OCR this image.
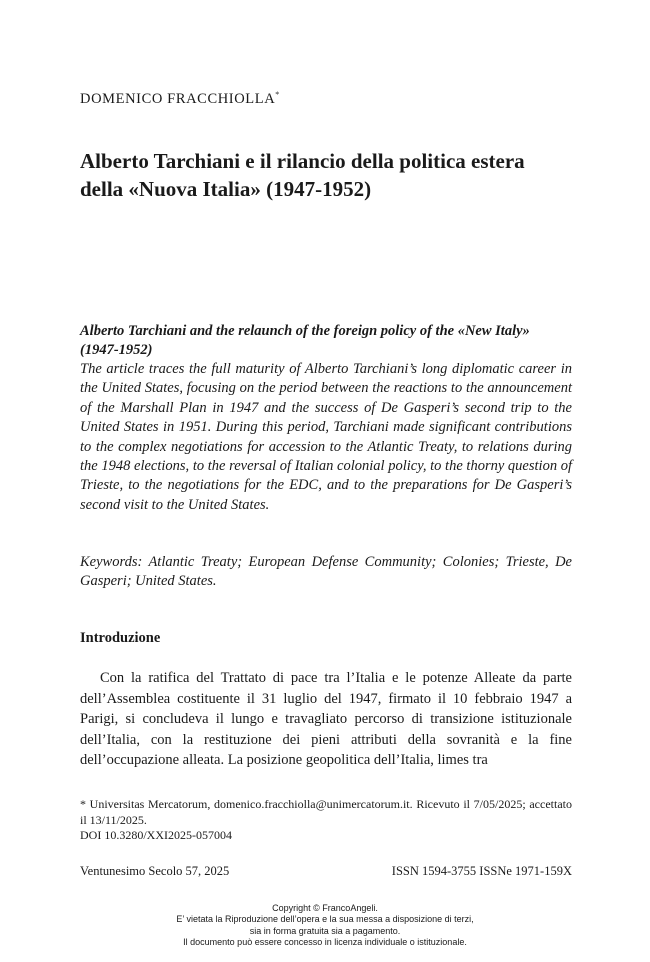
DOMENICO FRACCHIOLLA*
Alberto Tarchiani e il rilancio della politica estera della «Nuova Italia» (1947-1952)

Alberto Tarchiani and the relaunch of the foreign policy of the «New Italy» (1947-1952)

The article traces the full maturity of Alberto Tarchiani’s long diplomatic career in the United States, focusing on the period between the reactions to the announcement of the Marshall Plan in 1947 and the success of De Gasperi’s second trip to the United States in 1951. During this period, Tarchiani made significant contributions to the complex negotiations for accession to the Atlantic Treaty, to relations during the 1948 elections, to the reversal of Italian colonial policy, to the thorny question of Trieste, to the negotiations for the EDC, and to the preparations for De Gasperi’s second visit to the United States.

Keywords: Atlantic Treaty; European Defense Community; Colonies; Trieste, De Gasperi; United States.

Introduzione

Con la ratifica del Trattato di pace tra l’Italia e le potenze Alleate da parte dell’Assemblea costituente il 31 luglio del 1947, firmato il 10 febbraio 1947 a Parigi, si concludeva il lungo e travagliato percorso di transizione istituzionale dell’Italia, con la restituzione dei pieni attributi della sovranità e la fine dell’occupazione alleata. La posizione geopolitica dell’Italia, limes tra

* Universitas Mercatorum, domenico.fracchiolla@unimercatorum.it. Ricevuto il 7/05/2025; accettato il 13/11/2025.
DOI 10.3280/XXI2025-057004
Ventunesimo Secolo 57, 2025	ISSN 1594-3755 ISSNe 1971-159X
Copyright © FrancoAngeli.
E’ vietata la Riproduzione dell’opera e la sua messa a disposizione di terzi,
sia in forma gratuita sia a pagamento.
Il documento può essere concesso in licenza individuale o istituzionale.
